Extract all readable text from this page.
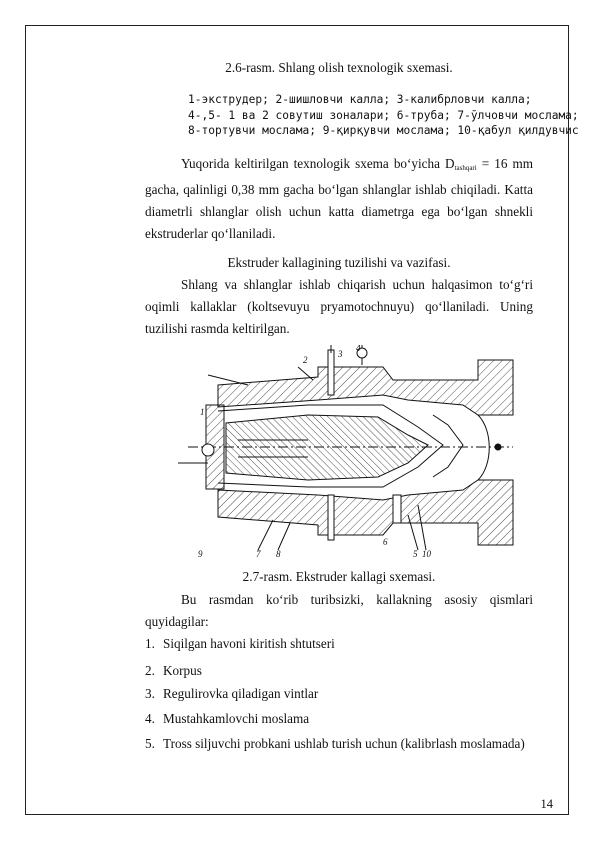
2.6-rasm. Shlang olish texnologik sxemasi.
1-экструдер; 2-шишловчи калла; 3-калибрловчи калла;
4-,5- 1 ва 2 совутиш зоналари; 6-труба; 7-ўлчовчи мослама;
8-тортувчи мослама; 9-қирқувчи мослама; 10-қабул қилдувчис
Yuqorida keltirilgan texnologik sxema bo‘yicha $D_{tashqari} = 16$ mm gacha, qalinligi 0,38 mm gacha bo‘lgan shlanglar ishlab chiqiladi. Katta diametrli shlanglar olish uchun katta diametrga ega bo‘lgan shnekli ekstruderlar qo‘llaniladi.
Ekstruder kallagining tuzilishi va vazifasi.
Shlang va shlanglar ishlab chiqarish uchun halqasimon to‘g‘ri oqimli kallaklar (koltsevuyu pryamotochnuyu) qo‘llaniladi. Uning tuzilishi rasmda keltirilgan.
2
3
4
1
7 8
9	5 10
6
2.7-rasm. Ekstruder kallagi sxemasi.
Bu rasmdan ko‘rib turibsizki, kallakning asosiy qismlari quyidagilar:
1. Siqilgan havoni kiritish shtutseri
2. Korpus
3. Regulirovka qiladigan vintlar
4. Mustahkamlovchi moslama
5. Tross siljuvchi probkani ushlab turish uchun (kalibrlash moslamada)
14
